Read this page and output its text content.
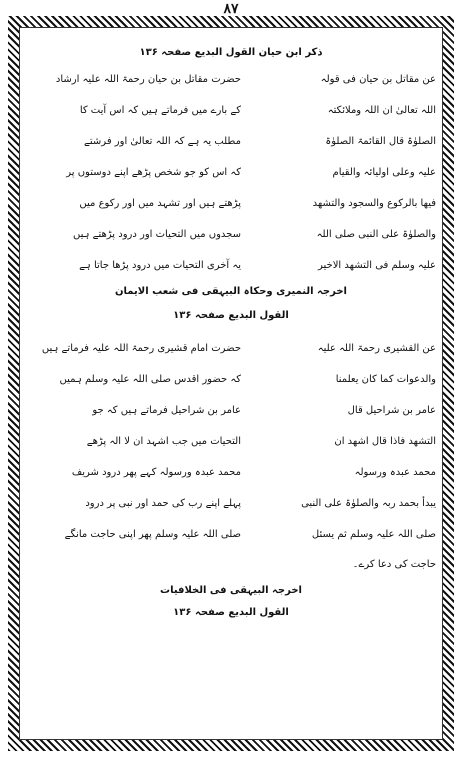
۸۷
ذکر ابن حیان القول البدیع صفحہ ۱۳۶
عن مقاتل بن حیان فی قولہ
حضرت مقاتل بن حیان رحمۃ اللہ علیہ ارشاد
اللہ تعالیٰ ان اللہ وملائکتہ
کے بارے میں فرماتے ہیں کہ اس آیت کا
الصلوٰۃ قال القائمۃ الصلوٰۃ
مطلب یہ ہے کہ اللہ تعالیٰ اور فرشتے
علیہ وعلی اولیائہ والقیام
کہ اس کو جو شخص پڑھے اپنے دوستوں پر
فیھا بالرکوع والسجود والتشھد
پڑھتے ہیں اور تشہد میں اور رکوع میں
والصلوٰۃ علی النبی صلی اللہ
سجدوں میں التحیات اور درود پڑھتے ہیں
علیہ وسلم فی التشھد الاخیر
یہ آخری التحیات میں درود پڑھا جاتا ہے
اخرجہ النمیری وحکاہ البیہقی فی شعب الایمان
القول البدیع صفحہ ۱۳۶
عن القشیری رحمۃ اللہ علیہ
حضرت امام قشیری رحمۃ اللہ علیہ فرماتے ہیں
والدعوات کما کان یعلمنا
کہ حضور اقدس صلی اللہ علیہ وسلم ہمیں
عامر بن شراحیل قال
عامر بن شراحیل فرماتے ہیں کہ جو
التشھد فاذا قال اشھد ان
التحیات میں جب اشہد ان لا الہ پڑھے
محمد عبدہ ورسولہ
محمد عبدہ ورسولہ کہے پھر درود شریف
یبدأ بحمد ربہ والصلوٰۃ علی النبی
پہلے اپنے رب کی حمد اور نبی پر درود
صلی اللہ علیہ وسلم ثم یسئل
صلی اللہ علیہ وسلم پھر اپنی حاجت مانگے
حاجت کی دعا کرے۔
اخرجہ البیہقی فی الخلافیات
القول البدیع صفحہ ۱۳۶
